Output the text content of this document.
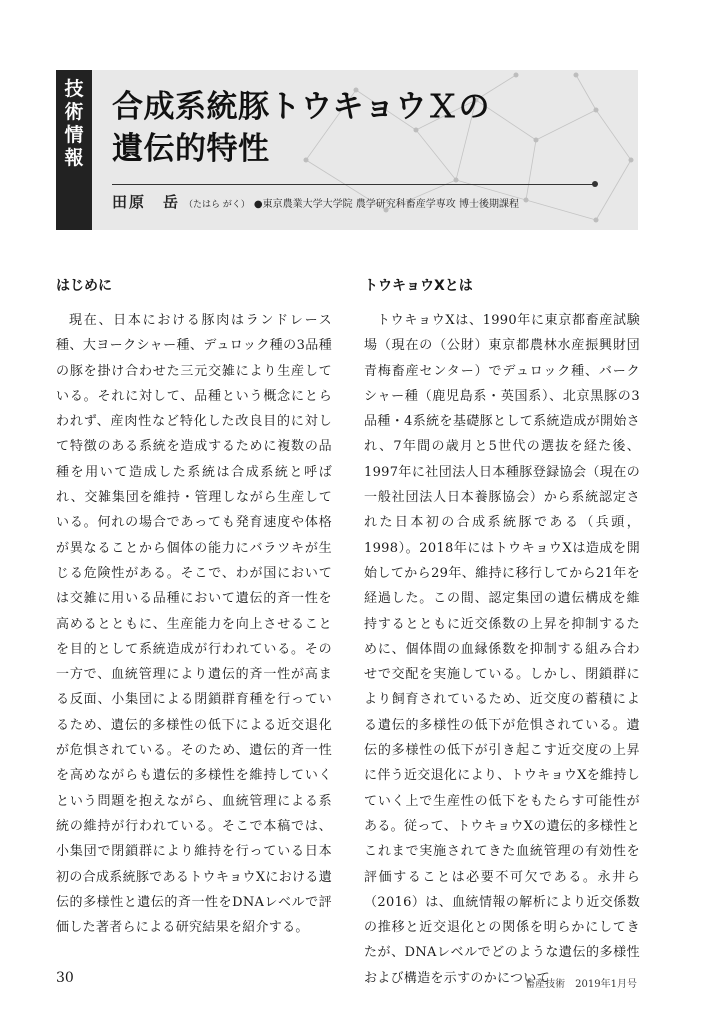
技
術
情
報
合成系統豚トウキョウＸの
遺伝的特性
田原　岳 （たはら がく） ●東京農業大学大学院 農学研究科畜産学専攻 博士後期課程
はじめに

現在、日本における豚肉はランドレース種、大ヨークシャー種、デュロック種の3品種の豚を掛け合わせた三元交雑により生産している。それに対して、品種という概念にとらわれず、産肉性など特化した改良目的に対して特徴のある系統を造成するために複数の品種を用いて造成した系統は合成系統と呼ばれ、交雑集団を維持・管理しながら生産している。何れの場合であっても発育速度や体格が異なることから個体の能力にバラツキが生じる危険性がある。そこで、わが国においては交雑に用いる品種において遺伝的斉一性を高めるとともに、生産能力を向上させることを目的として系統造成が行われている。その一方で、血統管理により遺伝的斉一性が高まる反面、小集団による閉鎖群育種を行っているため、遺伝的多様性の低下による近交退化が危惧されている。そのため、遺伝的斉一性を高めながらも遺伝的多様性を維持していくという問題を抱えながら、血統管理による系統の維持が行われている。そこで本稿では、小集団で閉鎖群により維持を行っている日本初の合成系統豚であるトウキョウXにおける遺伝的多様性と遺伝的斉一性をDNAレベルで評価した著者らによる研究結果を紹介する。

トウキョウXとは

トウキョウXは、1990年に東京都畜産試験場（現在の（公財）東京都農林水産振興財団青梅畜産センター）でデュロック種、バークシャー種（鹿児島系・英国系）、北京黒豚の3品種・4系統を基礎豚として系統造成が開始され、7年間の歳月と5世代の選抜を経た後、1997年に社団法人日本種豚登録協会（現在の一般社団法人日本養豚協会）から系統認定された日本初の合成系統豚である（兵頭，1998）。2018年にはトウキョウXは造成を開始してから29年、維持に移行してから21年を経過した。この間、認定集団の遺伝構成を維持するとともに近交係数の上昇を抑制するために、個体間の血縁係数を抑制する組み合わせで交配を実施している。しかし、閉鎖群により飼育されているため、近交度の蓄積による遺伝的多様性の低下が危惧されている。遺伝的多様性の低下が引き起こす近交度の上昇に伴う近交退化により、トウキョウXを維持していく上で生産性の低下をもたらす可能性がある。従って、トウキョウXの遺伝的多様性とこれまで実施されてきた血統管理の有効性を評価することは必要不可欠である。永井ら（2016）は、血統情報の解析により近交係数の推移と近交退化との関係を明らかにしてきたが、DNAレベルでどのような遺伝的多様性および構造を示すのかについて

30	畜産技術　2019年1月号
